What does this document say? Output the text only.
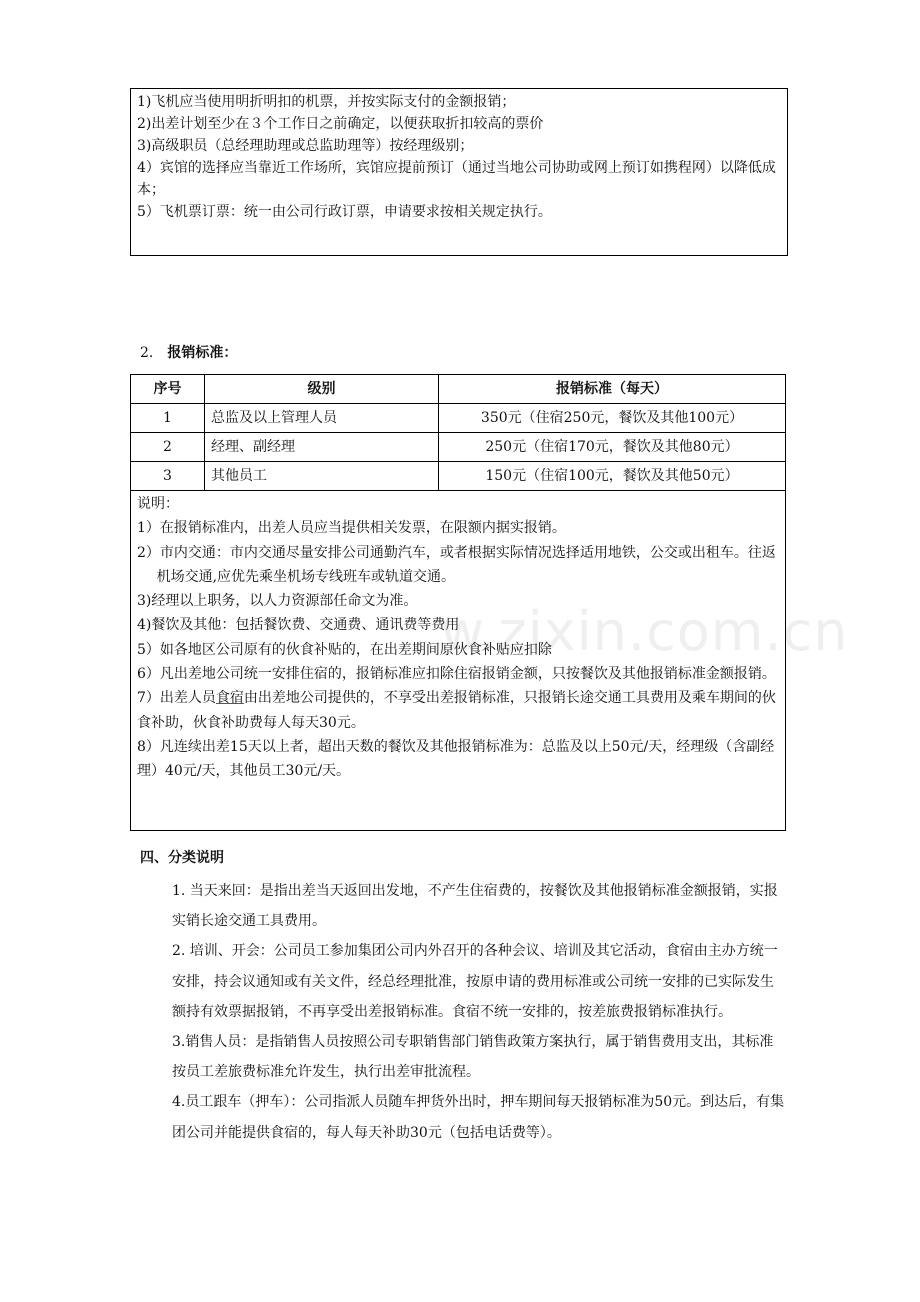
1)飞机应当使用明折明扣的机票，并按实际支付的金额报销；

2)出差计划至少在３个工作日之前确定，以便获取折扣较高的票价

3)高级职员（总经理助理或总监助理等）按经理级别；

4）宾馆的选择应当靠近工作场所，宾馆应提前预订（通过当地公司协助或网上预订如携程网）以降低成本；

5）飞机票订票：统一由公司行政订票，申请要求按相关规定执行。

2. 报销标准：
序号	级别	报销标准（每天）
1	总监及以上管理人员	350元（住宿250元，餐饮及其他100元）
2	经理、副经理	250元（住宿170元，餐饮及其他80元）
3	其他员工	150元（住宿100元，餐饮及其他50元）

说明：

1）在报销标准内，出差人员应当提供相关发票，在限额内据实报销。

2）市内交通：市内交通尽量安排公司通勤汽车，或者根据实际情况选择适用地铁，公交或出租车。往返机场交通,应优先乘坐机场专线班车或轨道交通。

3)经理以上职务，以人力资源部任命文为准。

4)餐饮及其他：包括餐饮费、交通费、通讯费等费用

5）如各地区公司原有的伙食补贴的，在出差期间原伙食补贴应扣除

6）凡出差地公司统一安排住宿的，报销标准应扣除住宿报销金额，只按餐饮及其他报销标准金额报销。

7）出差人员食宿由出差地公司提供的，不享受出差报销标准，只报销长途交通工具费用及乘车期间的伙食补助，伙食补助费每人每天30元。

8）凡连续出差15天以上者，超出天数的餐饮及其他报销标准为：总监及以上50元/天，经理级（含副经理）40元/天，其他员工30元/天。

w.zixin.com.cn
四、分类说明

1. 当天来回：是指出差当天返回出发地，不产生住宿费的，按餐饮及其他报销标准金额报销，实报实销长途交通工具费用。

2. 培训、开会：公司员工参加集团公司内外召开的各种会议、培训及其它活动，食宿由主办方统一安排，持会议通知或有关文件，经总经理批准，按原申请的费用标准或公司统一安排的已实际发生额持有效票据报销，不再享受出差报销标准。食宿不统一安排的，按差旅费报销标准执行。

3.销售人员：是指销售人员按照公司专职销售部门销售政策方案执行，属于销售费用支出，其标准按员工差旅费标准允许发生，执行出差审批流程。

4.员工跟车（押车）：公司指派人员随车押货外出时，押车期间每天报销标准为50元。到达后，有集团公司并能提供食宿的，每人每天补助30元（包括电话费等）。
